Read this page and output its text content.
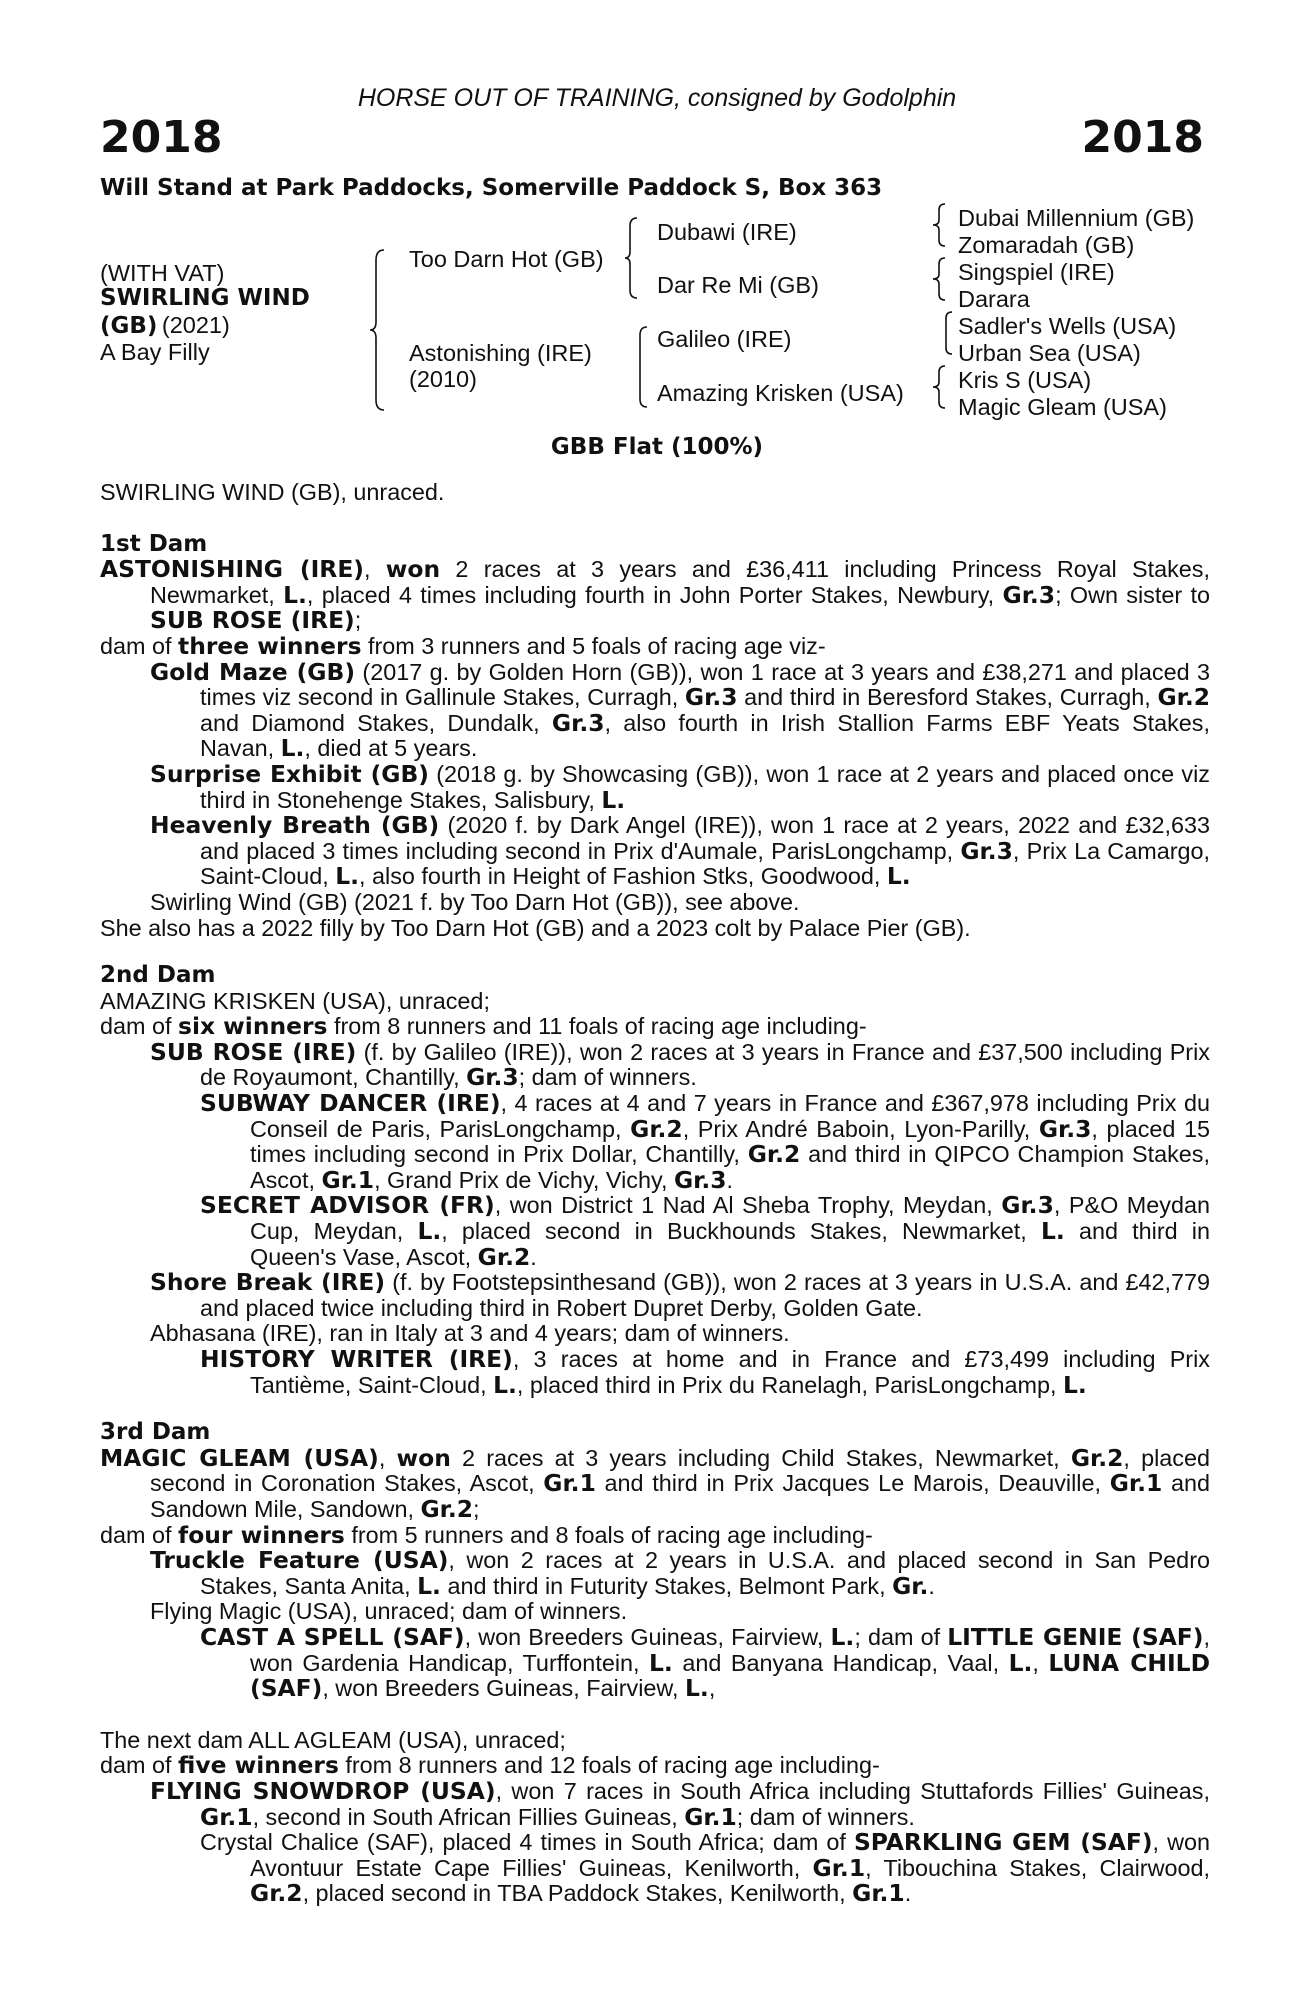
HORSE OUT OF TRAINING, consigned by Godolphin
2018	2018
Will Stand at Park Paddocks, Somerville Paddock S, Box 363
(WITH VAT)
SWIRLING WIND
(GB) (2021)
A Bay Filly
Too Darn Hot (GB)
Astonishing (IRE)
(2010)
Dubawi (IRE)
Dar Re Mi (GB)
Galileo (IRE)
Amazing Krisken (USA)
Dubai Millennium (GB)
Zomaradah (GB)
Singspiel (IRE)
Darara
Sadler's Wells (USA)
Urban Sea (USA)
Kris S (USA)
Magic Gleam (USA)
GBB Flat (100%)

SWIRLING WIND (GB), unraced.

1st Dam

ASTONISHING (IRE), won 2 races at 3 years and £36,411 including Princess Royal Stakes, Newmarket, L., placed 4 times including fourth in John Porter Stakes, Newbury, Gr.3; Own sister to SUB ROSE (IRE);

dam of three winners from 3 runners and 5 foals of racing age viz-

Gold Maze (GB) (2017 g. by Golden Horn (GB)), won 1 race at 3 years and £38,271 and placed 3 times viz second in Gallinule Stakes, Curragh, Gr.3 and third in Beresford Stakes, Curragh, Gr.2 and Diamond Stakes, Dundalk, Gr.3, also fourth in Irish Stallion Farms EBF Yeats Stakes, Navan, L., died at 5 years.

Surprise Exhibit (GB) (2018 g. by Showcasing (GB)), won 1 race at 2 years and placed once viz third in Stonehenge Stakes, Salisbury, L.

Heavenly Breath (GB) (2020 f. by Dark Angel (IRE)), won 1 race at 2 years, 2022 and £32,633 and placed 3 times including second in Prix d'Aumale, ParisLongchamp, Gr.3, Prix La Camargo, Saint-Cloud, L., also fourth in Height of Fashion Stks, Goodwood, L.

Swirling Wind (GB) (2021 f. by Too Darn Hot (GB)), see above.

She also has a 2022 filly by Too Darn Hot (GB) and a 2023 colt by Palace Pier (GB).

2nd Dam

AMAZING KRISKEN (USA), unraced;

dam of six winners from 8 runners and 11 foals of racing age including-

SUB ROSE (IRE) (f. by Galileo (IRE)), won 2 races at 3 years in France and £37,500 including Prix de Royaumont, Chantilly, Gr.3; dam of winners.

SUBWAY DANCER (IRE), 4 races at 4 and 7 years in France and £367,978 including Prix du Conseil de Paris, ParisLongchamp, Gr.2, Prix André Baboin, Lyon-Parilly, Gr.3, placed 15 times including second in Prix Dollar, Chantilly, Gr.2 and third in QIPCO Champion Stakes, Ascot, Gr.1, Grand Prix de Vichy, Vichy, Gr.3.

SECRET ADVISOR (FR), won District 1 Nad Al Sheba Trophy, Meydan, Gr.3, P&O Meydan Cup, Meydan, L., placed second in Buckhounds Stakes, Newmarket, L. and third in Queen's Vase, Ascot, Gr.2.

Shore Break (IRE) (f. by Footstepsinthesand (GB)), won 2 races at 3 years in U.S.A. and £42,779 and placed twice including third in Robert Dupret Derby, Golden Gate.

Abhasana (IRE), ran in Italy at 3 and 4 years; dam of winners.

HISTORY WRITER (IRE), 3 races at home and in France and £73,499 including Prix Tantième, Saint-Cloud, L., placed third in Prix du Ranelagh, ParisLongchamp, L.

3rd Dam

MAGIC GLEAM (USA), won 2 races at 3 years including Child Stakes, Newmarket, Gr.2, placed second in Coronation Stakes, Ascot, Gr.1 and third in Prix Jacques Le Marois, Deauville, Gr.1 and Sandown Mile, Sandown, Gr.2;

dam of four winners from 5 runners and 8 foals of racing age including-

Truckle Feature (USA), won 2 races at 2 years in U.S.A. and placed second in San Pedro Stakes, Santa Anita, L. and third in Futurity Stakes, Belmont Park, Gr..

Flying Magic (USA), unraced; dam of winners.

CAST A SPELL (SAF), won Breeders Guineas, Fairview, L.; dam of LITTLE GENIE (SAF), won Gardenia Handicap, Turffontein, L. and Banyana Handicap, Vaal, L., LUNA CHILD (SAF), won Breeders Guineas, Fairview, L.,

The next dam ALL AGLEAM (USA), unraced;

dam of five winners from 8 runners and 12 foals of racing age including-

FLYING SNOWDROP (USA), won 7 races in South Africa including Stuttafords Fillies' Guineas, Gr.1, second in South African Fillies Guineas, Gr.1; dam of winners.

Crystal Chalice (SAF), placed 4 times in South Africa; dam of SPARKLING GEM (SAF), won Avontuur Estate Cape Fillies' Guineas, Kenilworth, Gr.1, Tibouchina Stakes, Clairwood, Gr.2, placed second in TBA Paddock Stakes, Kenilworth, Gr.1.
